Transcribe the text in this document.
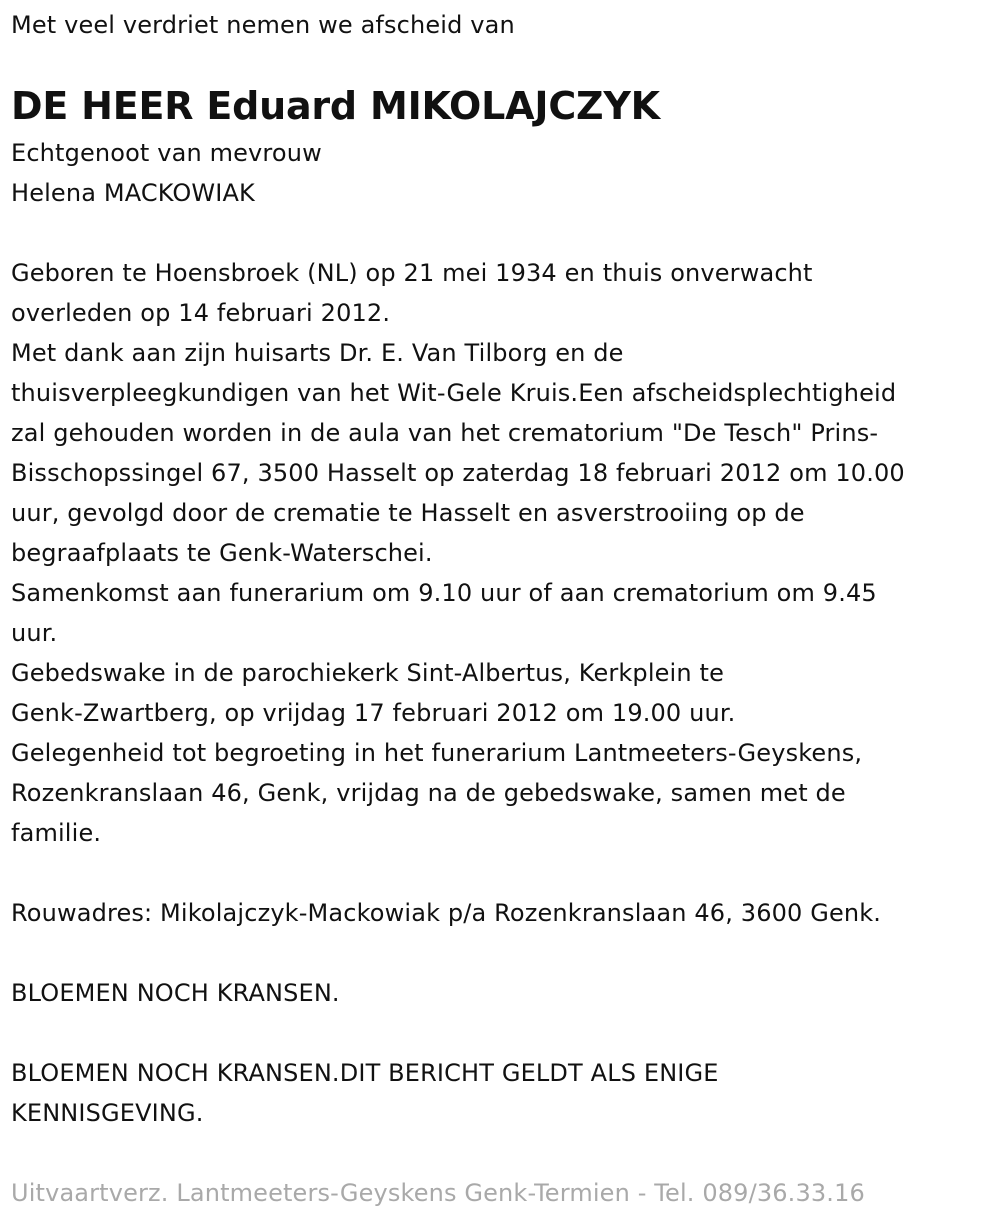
Met veel verdriet nemen we afscheid van
DE HEER Eduard MIKOLAJCZYK
Echtgenoot van mevrouw
Helena MACKOWIAK
Geboren te Hoensbroek (NL) op 21 mei 1934 en thuis onverwacht
overleden op 14 februari 2012.
Met dank aan zijn huisarts Dr. E. Van Tilborg en de
thuisverpleegkundigen van het Wit-Gele Kruis.Een afscheidsplechtigheid
zal gehouden worden in de aula van het crematorium "De Tesch" Prins-
Bisschopssingel 67, 3500 Hasselt op zaterdag 18 februari 2012 om 10.00
uur, gevolgd door de crematie te Hasselt en asverstrooiing op de
begraafplaats te Genk-Waterschei.
Samenkomst aan funerarium om 9.10 uur of aan crematorium om 9.45
uur.
Gebedswake in de parochiekerk Sint-Albertus, Kerkplein te
Genk-Zwartberg, op vrijdag 17 februari 2012 om 19.00 uur.
Gelegenheid tot begroeting in het funerarium Lantmeeters-Geyskens,
Rozenkranslaan 46, Genk, vrijdag na de gebedswake, samen met de
familie.
Rouwadres: Mikolajczyk-Mackowiak p/a Rozenkranslaan 46, 3600 Genk.
BLOEMEN NOCH KRANSEN.
BLOEMEN NOCH KRANSEN.DIT BERICHT GELDT ALS ENIGE
KENNISGEVING.
Uitvaartverz. Lantmeeters-Geyskens Genk-Termien - Tel. 089/36.33.16
